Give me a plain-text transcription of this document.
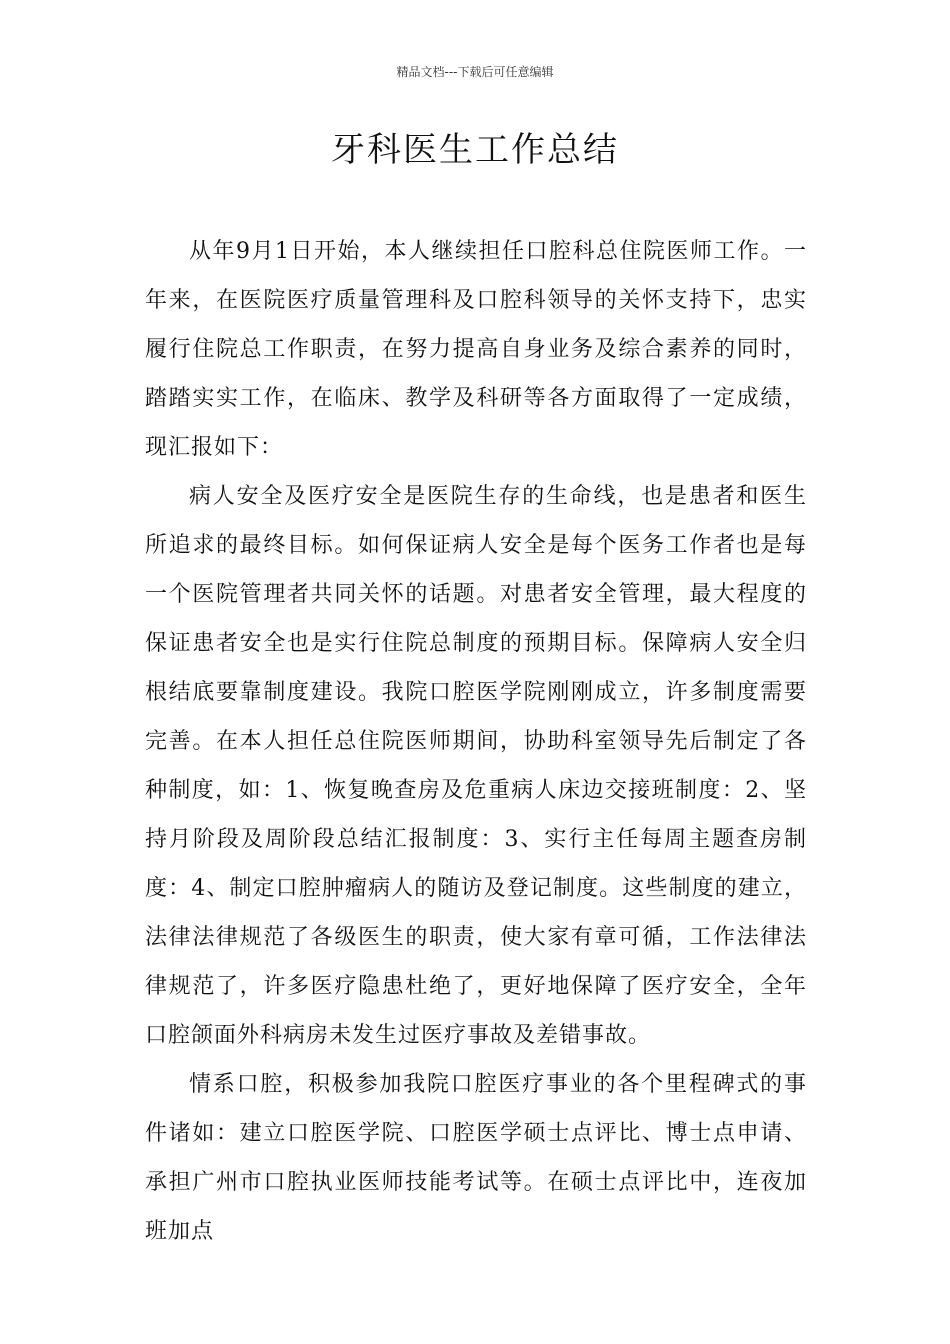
精品文档---下载后可任意编辑
牙科医生工作总结

从年9月1日开始，本人继续担任口腔科总住院医师工作。一年来，在医院医疗质量管理科及口腔科领导的关怀支持下，忠实履行住院总工作职责，在努力提高自身业务及综合素养的同时，踏踏实实工作，在临床、教学及科研等各方面取得了一定成绩，现汇报如下：

病人安全及医疗安全是医院生存的生命线，也是患者和医生所追求的最终目标。如何保证病人安全是每个医务工作者也是每一个医院管理者共同关怀的话题。对患者安全管理，最大程度的保证患者安全也是实行住院总制度的预期目标。保障病人安全归根结底要靠制度建设。我院口腔医学院刚刚成立，许多制度需要完善。在本人担任总住院医师期间，协助科室领导先后制定了各种制度，如：1、恢复晚查房及危重病人床边交接班制度：2、坚持月阶段及周阶段总结汇报制度：3、实行主任每周主题查房制度：4、制定口腔肿瘤病人的随访及登记制度。这些制度的建立，法律法律规范了各级医生的职责，使大家有章可循，工作法律法律规范了，许多医疗隐患杜绝了，更好地保障了医疗安全，全年口腔颌面外科病房未发生过医疗事故及差错事故。

情系口腔，积极参加我院口腔医疗事业的各个里程碑式的事件诸如：建立口腔医学院、口腔医学硕士点评比、博士点申请、承担广州市口腔执业医师技能考试等。在硕士点评比中，连夜加班加点
